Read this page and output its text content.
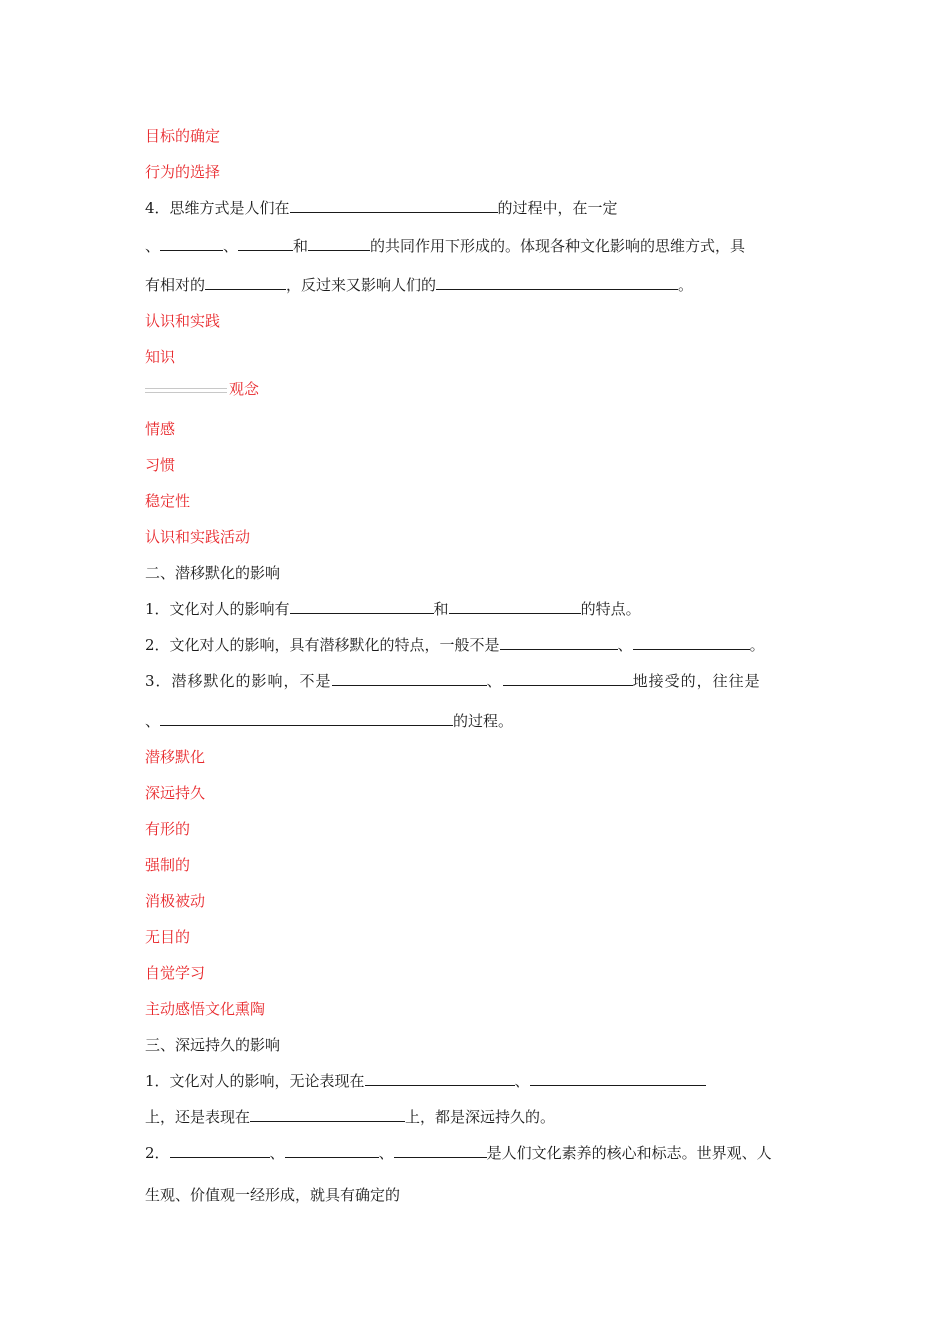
目标的确定
行为的选择
4．思维方式是人们在	的过程中，在一定
、	、	和	的共同作用下形成的。体现各种文化影响的思维方式，具
有相对的	，反过来又影响人们的	。
认识和实践
知识
观念
情感
习惯
稳定性
认识和实践活动
二、潜移默化的影响
1．文化对人的影响有	和	的特点。
2．文化对人的影响，具有潜移默化的特点，一般不是	、	。
3．潜移默化的影响，不是	、	地接受的，往往是
、	的过程。
潜移默化
深远持久
有形的
强制的
消极被动
无目的
自觉学习
主动感悟文化熏陶
三、深远持久的影响
1．文化对人的影响，无论表现在	、
上，还是表现在	上，都是深远持久的。
2．	、	、	是人们文化素养的核心和标志。世界观、人
生观、价值观一经形成，就具有确定的
